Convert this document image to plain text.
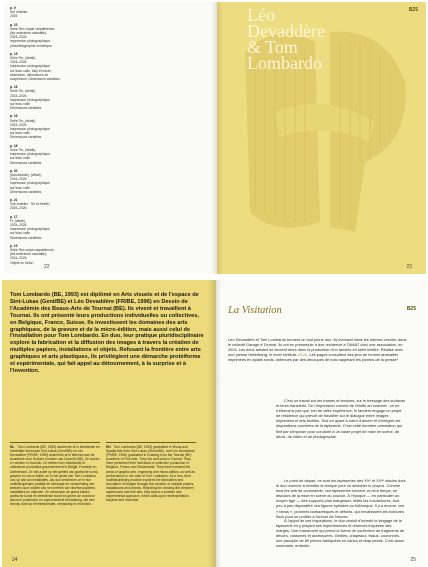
p. 9
Sur d'atelier,
2025
p. 10
Série Rex royale carpathienne,
(les antérieure casualité),
2024–2026
Impression photographique,
photolithographie numérique
p. 15
Série Fin, (détail),
2024–2026
Impression photographique
sur tissu voile, tulip et ruban,
aluminium, dimensions de
suspension, Dimensions variables
p. 16
Série Fin, (détail),
2024–2026
Impression photographique
sur tissu voile
Dimensions variables
p. 16
Série Fin, (détail),
2024–2026
Impression photographique
sur tissu voile
Dimensions variables
p. 18
Série Fin, (détail),
Impression photographique
sur tissu voile
Dimensions variables
p. 20
(Autobiostar), (détail),
2024–2026
Impression photographique
sur tissu voile
Dimensions variables
p. 21
Vue d'atelier · Sir et Keeffe,
2025–2026
p. 17
Fr, (détail),
2024–2026
Impression photographique
sur tissu voile
Dimensions variables
p. 19
Série Rex carpe carpathienne,
(les antérieure casualité),
2024–2026
Objets en béton
22
Léo
Devaddère
& Tom
Lombardo
B25
23

Tom Lombardo (BE, 1993) est diplômé en Arts visuels et de l'espace de Sint-Lukas (Gent/BE) et Léo Devaddère (FR/BE, 1996) en Dessin de l'Académie des Beaux-Arts de Tournai (BE). Ils vivent et travaillent à Tournai. Ils ont présenté leurs productions individuelles ou collectives, en Belgique, France, Suisse. Ils investissent les domaines des arts graphiques, de la gravure et de la micro-édition, mais aussi celui de l'installation pour Tom Lombardo. En duo, leur pratique pluridisciplinaire explore la fabrication et la diffusion des images à travers la création de multiples papiers, installations et objets. Refusant la frontière entre arts graphiques et arts plastiques, ils privilégient une démarche protéiforme et expérimentale, qui fait appel au détournement, à la surprise et à l'invention.

NL Tom Lombardo (BE, 1993) studeerde af in beeldende en ruimtelijke kunst aan Sint-Lukas (Gent/BE) en Léo Devaddère (FR/BE, 1996) studeerde af in tekenen aan de Academie voor Schone Kunsten van Doornik (BE). Ze wonen en werken in Doornik. Ze hebben hun individuele of collectieve producties gepresenteerd in België, Frankrijk en Zwitserland. Ze zijn actief op het gebied van grafische kunst, gravure en micro-editie, en in het geval van Tom Lombardo ook op dat van installaties. Als duo verkennen ze in hun multidisciplinaire praktijk de fabricage en verspreiding van beelden door middel van het creëren van diverse papieren, installaties en objecten. Ze verwerpen de grens tussen grafische kunst en beeldende kunst en geven de voorkeur aan een proteïsche en experimentele benadering, die een beroep doet op herinterpretatie, verrassing en invention.

EN Tom Lombardo (BE, 1993) graduated in Visual and Spatial Arts from Sint-Lukas (Ghent/BE), and Léo Devaddère (FR/BE, 1996) graduated in Drawing from the Tournai (BE) Academy of Fine Arts. They live and work in Tournai. They have presented their individual or collective production in Belgium, France and Switzerland. They have invested the areas of graphic arts, engraving and micro-edition, as well as performance in the case of Tom Lombardo. As a duo, their multidisciplinary practice explores the fabrication and circulation of images through the creation of multiple papers, installations and objects. Rejecting the dividing line between applied arts and fine arts, they favour a protean and experimental approach, which calls upon reinterpretation, surprise and invention.

24
La Visitation	B25

Léo Devaddère et Tom Lombardo forment un tout jeune duo. Ils évoluent dans les mêmes cercles, dans le collectif Garage à Tournai. Ils ont en préambule à leur résidence à TAMAT voici une association, en 2024. Les deux artistes se lancent alors dans la production d'un fanzine en série limitée. Réalisé avec une presse Heidelberg, le livret s'intitule 23.ch. Les pages consultent des jeux de formes abstraites imprimées en aplats ronds, obtenues par des découpes de bois rappelant les plombs de la presse¹.

C'est un travail sur les trames et textures, sur le tressage des surfaces et leurs transferts. De l'impression comme de l'étoffe au sommet : ce ne s'étonnera pas que, fort de cette expérience, le tandem engage un projet de résidence qui prévoit de travailler sur le dialogue entre images imprimées et arts textiles. Tout en ayant à cœur d'ancrer et d'intégrer les dispositions ouvrières de la tapisserie. C'est cette dernière orientation qui finit par s'imposer pour conduire à un vaste projet de mise en scène, de décor, de vidéo et de photographie.

Le point de départ, ce sont les tapisseries des XVᵉ et XVIᵉ siècles dont le duo cherche à revisiter le lexique pour se détacher le propos. Comme tous les arts de commande, ces tapisseries forment, en leur temps, un discours de la mise en scène du pouvoir. À l'époque — en particulier au moyen âge — des supports plus marginaux, telles les enluminures, font peu à peu disparaître ces figures hybrides au folklorique. Il y a encore, ces « fatras », pommes barbaresques et défunts, qui envahissent les bordures flous pour se profiler à l'entour de l'œuvre.

À l'appui de ces inspirations, le duo choisit d'investir le langage de la tapisserie en y plaçant ses impertinences et réserves inspirées des marges. Une manœuvre qui prend la forme de confection de fragments de décors, costumes et accessoires. Gerbes, chapeaux, tissus, couronnes, une panoplie de 80 pièces fabriquées en carton et drap peints. C'est aussi sommaire, enfantin…

25
